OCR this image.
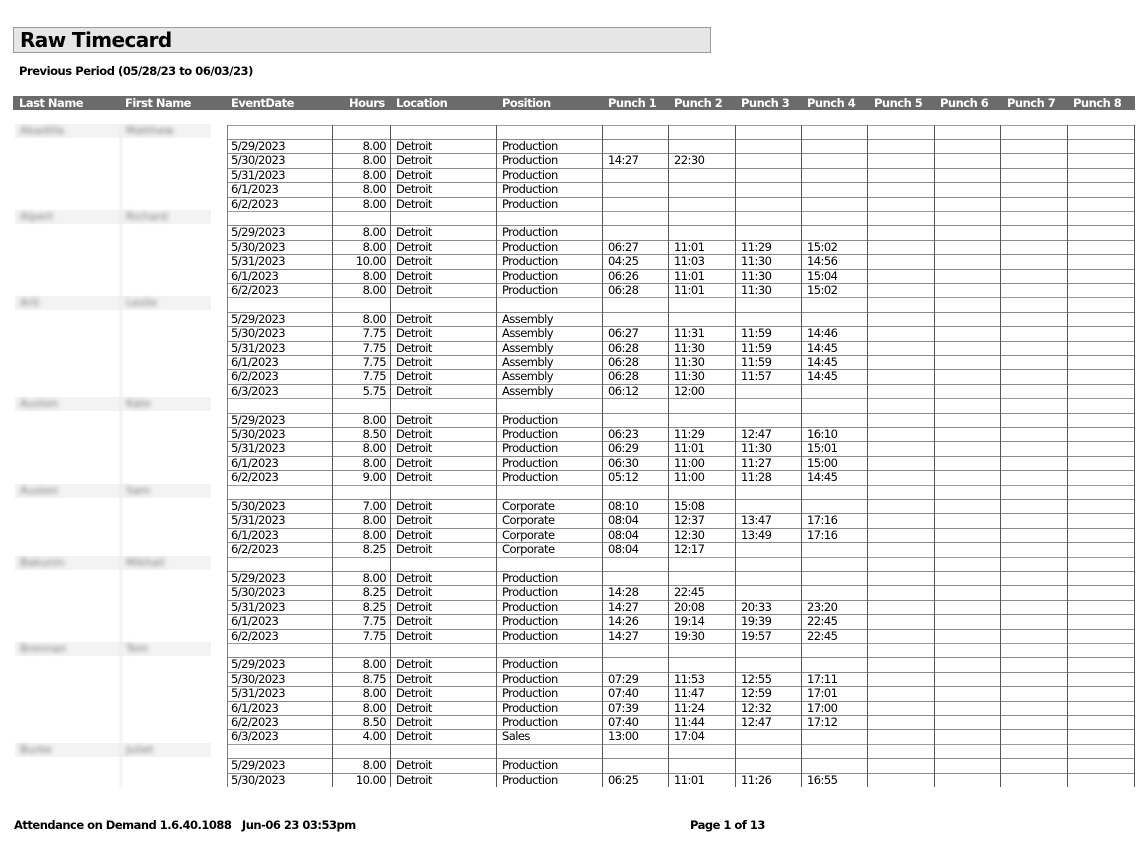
Raw Timecard
Previous Period (05/28/23 to 06/03/23)
Last Name	First Name	EventDate	Hours Location	Position	Punch 1 Punch 2 Punch 3 Punch 4 Punch 5 Punch 6 Punch 7 Punch 8
Abadilla	Matthew
5/29/2023	8.00 Detroit	Production
5/30/2023	8.00 Detroit	Production	14:27	22:30
5/31/2023	8.00 Detroit	Production
6/1/2023	8.00 Detroit	Production
6/2/2023	8.00 Detroit	Production
Alpert	Richard
5/29/2023	8.00 Detroit	Production
5/30/2023	8.00 Detroit	Production	06:27	11:01	11:29	15:02
5/31/2023	10.00 Detroit	Production	04:25	11:03	11:30	14:56
6/1/2023	8.00 Detroit	Production	06:26	11:01	11:30	15:04
6/2/2023	8.00 Detroit	Production	06:28	11:01	11:30	15:02
Arit	Leslie
5/29/2023	8.00 Detroit	Assembly
5/30/2023	7.75 Detroit	Assembly	06:27	11:31	11:59	14:46
5/31/2023	7.75 Detroit	Assembly	06:28	11:30	11:59	14:45
6/1/2023	7.75 Detroit	Assembly	06:28	11:30	11:59	14:45
6/2/2023	7.75 Detroit	Assembly	06:28	11:30	11:57	14:45
6/3/2023	5.75 Detroit	Assembly	06:12	12:00
Austen	Kate
5/29/2023	8.00 Detroit	Production
5/30/2023	8.50 Detroit	Production	06:23	11:29	12:47	16:10
5/31/2023	8.00 Detroit	Production	06:29	11:01	11:30	15:01
6/1/2023	8.00 Detroit	Production	06:30	11:00	11:27	15:00
6/2/2023	9.00 Detroit	Production	05:12	11:00	11:28	14:45
Austen	Sam
5/30/2023	7.00 Detroit	Corporate	08:10	15:08
5/31/2023	8.00 Detroit	Corporate	08:04	12:37	13:47	17:16
6/1/2023	8.00 Detroit	Corporate	08:04	12:30	13:49	17:16
6/2/2023	8.25 Detroit	Corporate	08:04	12:17
Bakunin	Mikhail
5/29/2023	8.00 Detroit	Production
5/30/2023	8.25 Detroit	Production	14:28	22:45
5/31/2023	8.25 Detroit	Production	14:27	20:08	20:33	23:20
6/1/2023	7.75 Detroit	Production	14:26	19:14	19:39	22:45
6/2/2023	7.75 Detroit	Production	14:27	19:30	19:57	22:45
Brennan	Tom
5/29/2023	8.00 Detroit	Production
5/30/2023	8.75 Detroit	Production	07:29	11:53	12:55	17:11
5/31/2023	8.00 Detroit	Production	07:40	11:47	12:59	17:01
6/1/2023	8.00 Detroit	Production	07:39	11:24	12:32	17:00
6/2/2023	8.50 Detroit	Production	07:40	11:44	12:47	17:12
6/3/2023	4.00 Detroit	Sales	13:00	17:04
Burke	Juliet
5/29/2023	8.00 Detroit	Production
5/30/2023	10.00 Detroit	Production	06:25	11:01	11:26	16:55
Attendance on Demand 1.6.40.1088   Jun-06 23 03:53pm	Page 1 of 13
